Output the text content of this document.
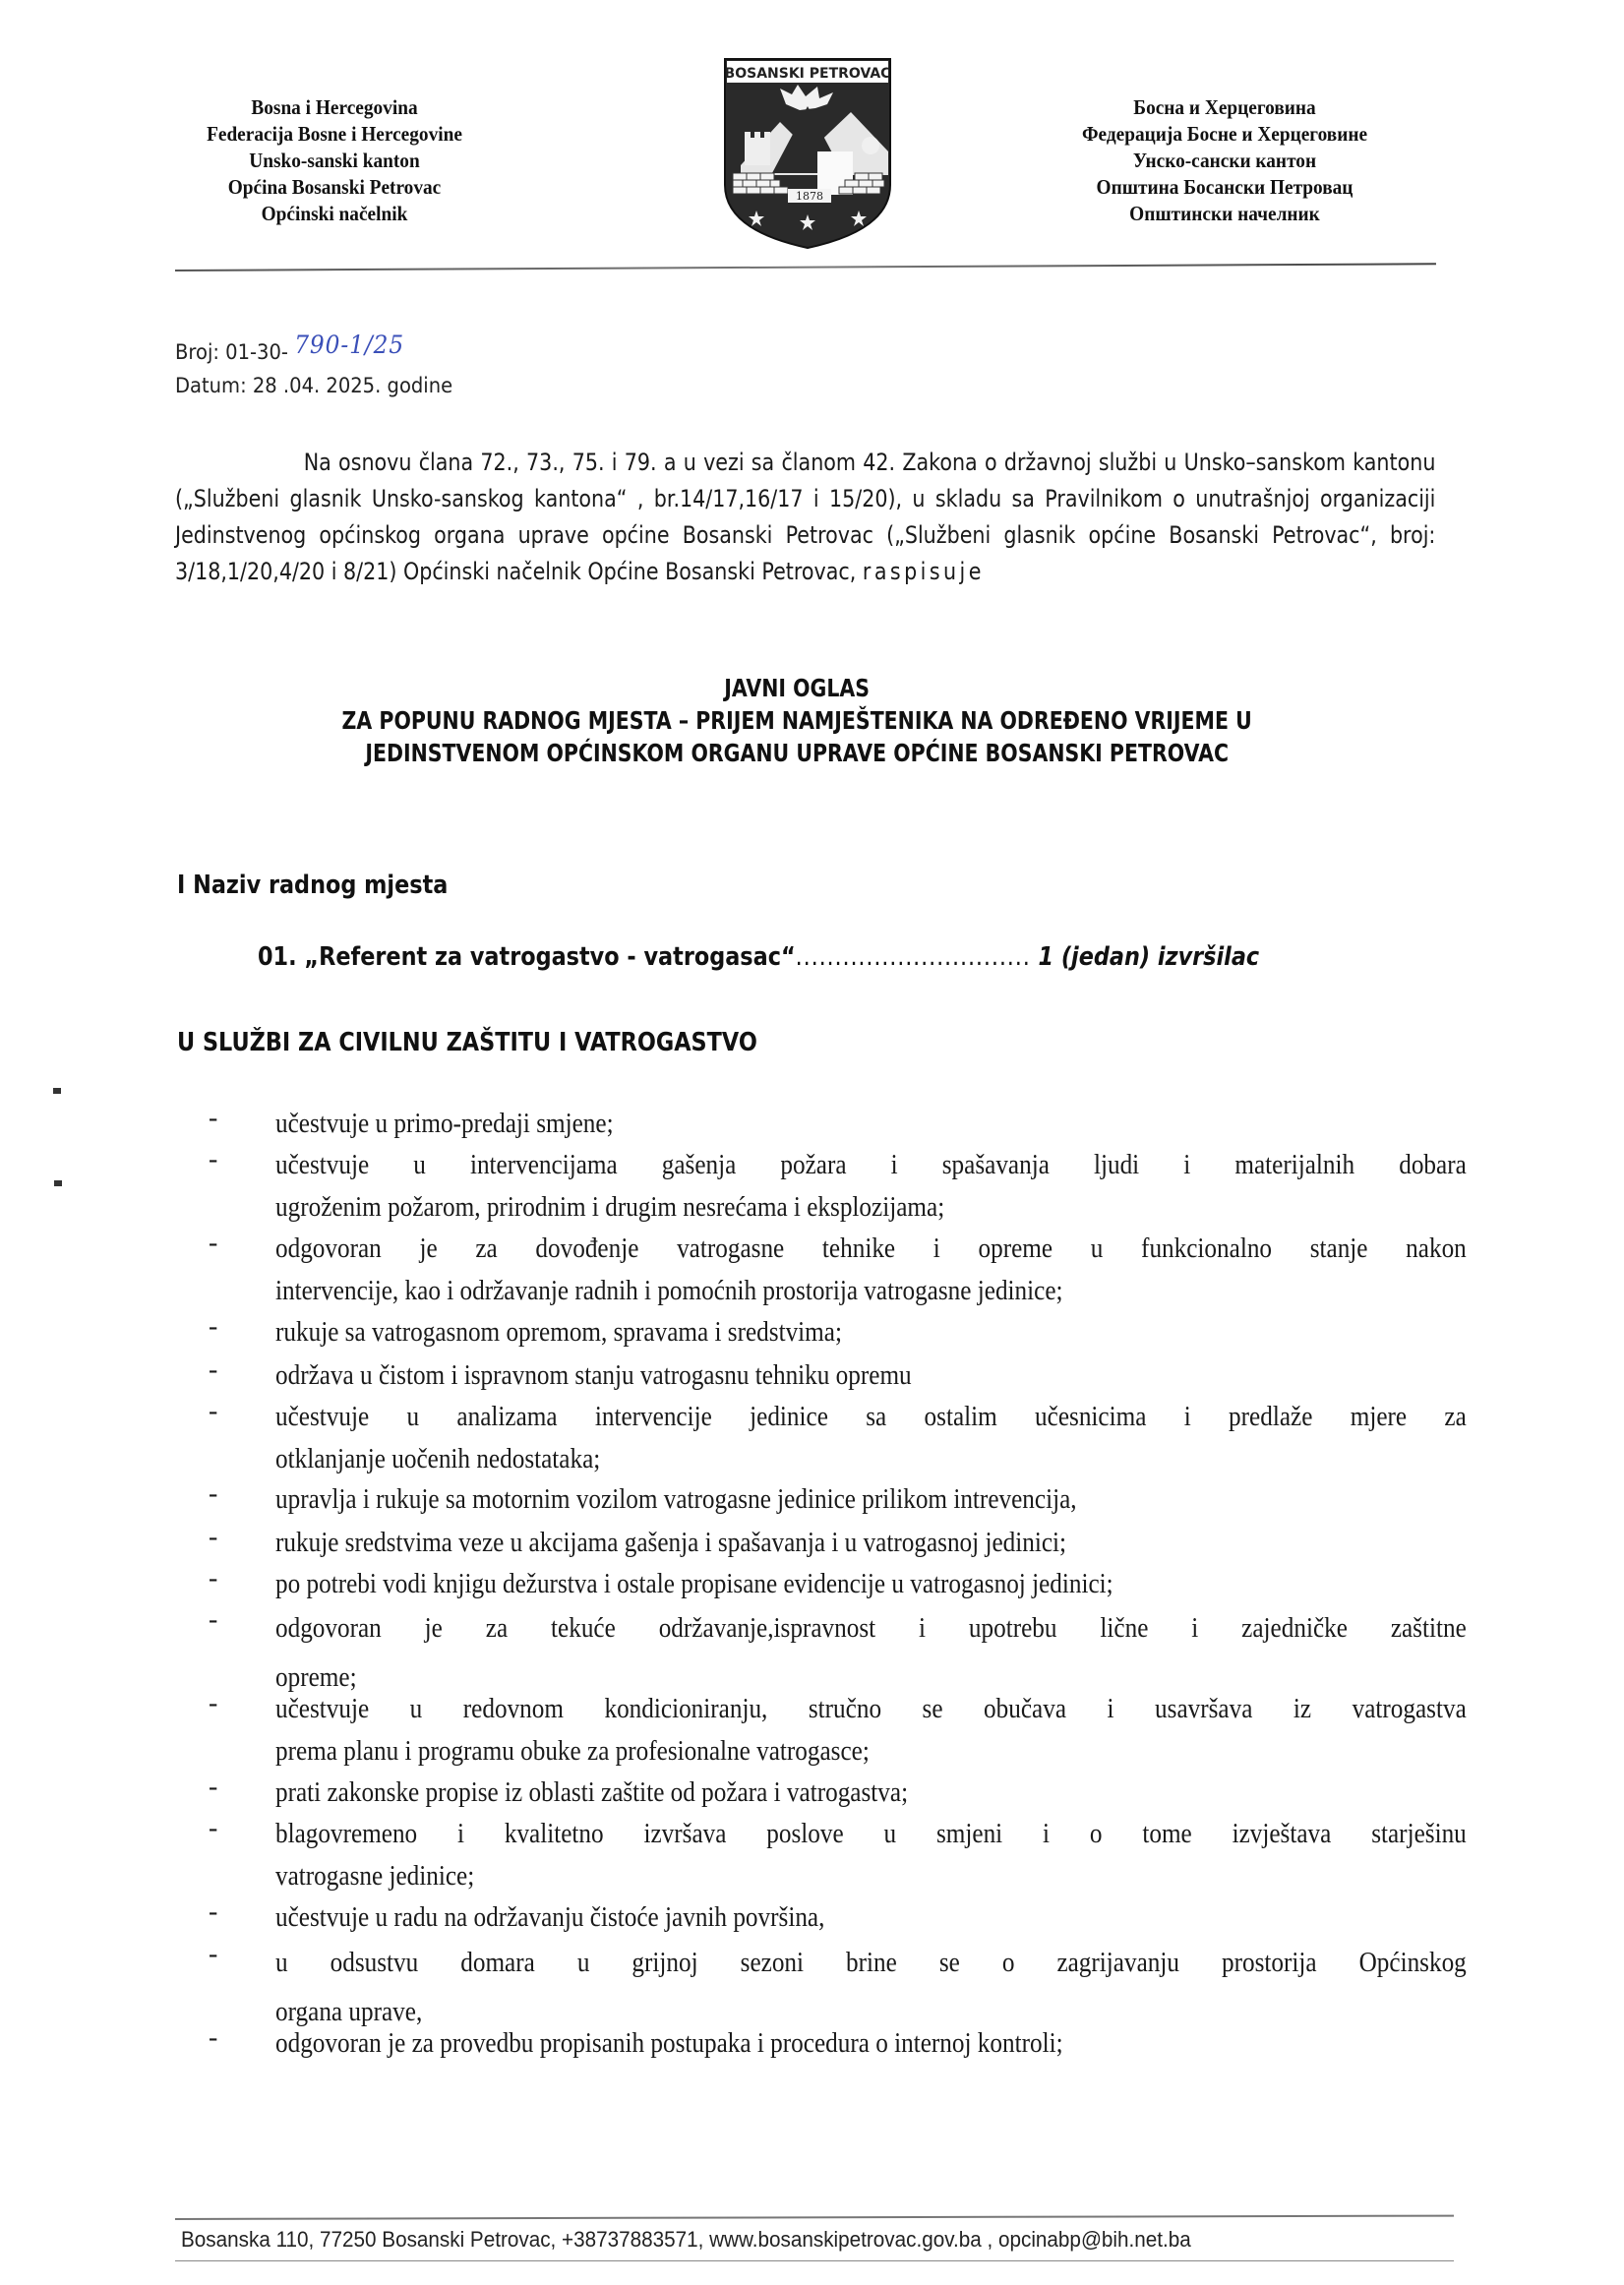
Bosna i Hercegovina
Federacija Bosne i Hercegovine
Unsko-sanski kanton
Općina Bosanski Petrovac
Općinski načelnik
BOSANSKI PETROVAC
1878
Босна и Херцеговина
Федерација Босне и Херцеговине
Унско-сански кантон
Општина Босански Петровац
Општински начелник
Broj: 01-30- 790-1/25
Datum: 28 .04. 2025. godine

Na osnovu člana 72., 73., 75. i 79. a u vezi sa članom 42. Zakona o državnoj službi u Unsko–sanskom kantonu („Službeni glasnik Unsko-sanskog kantona“ , br.14/17,16/17 i 15/20), u skladu sa Pravilnikom o unutrašnjoj organizaciji Jedinstvenog općinskog organa uprave općine Bosanski Petrovac („Službeni glasnik općine Bosanski Petrovac“, broj: 3/18,1/20,4/20 i 8/21) Općinski načelnik Općine Bosanski Petrovac, raspisuje

JAVNI OGLAS
ZA POPUNU RADNOG MJESTA – PRIJEM NAMJEŠTENIKA NA ODREĐENO VRIJEME U
JEDINSTVENOM OPĆINSKOM ORGANU UPRAVE OPĆINE BOSANSKI PETROVAC
I Naziv radnog mjesta
01. „Referent za vatrogastvo - vatrogasac“.............................. 1 (jedan) izvršilac
U SLUŽBI ZA CIVILNU ZAŠTITU I VATROGASTVO
- učestvuje u primo-predaji smjene;
- učestvuje u intervencijama gašenja požara i spašavanja ljudi i materijalnih dobara
ugroženim požarom, prirodnim i drugim nesrećama i eksplozijama;
- odgovoran je za dovođenje vatrogasne tehnike i opreme u funkcionalno stanje nakon
intervencije, kao i održavanje radnih i pomoćnih prostorija vatrogasne jedinice;
- rukuje sa vatrogasnom opremom, spravama i sredstvima;
- održava u čistom i ispravnom stanju vatrogasnu tehniku opremu
- učestvuje u analizama intervencije jedinice sa ostalim učesnicima i predlaže mjere za
otklanjanje uočenih nedostataka;
- upravlja i rukuje sa motornim vozilom vatrogasne jedinice prilikom intrevencija,
- rukuje sredstvima veze u akcijama gašenja i spašavanja i u vatrogasnoj jedinici;
- po potrebi vodi knjigu dežurstva i ostale propisane evidencije u vatrogasnoj jedinici;
- odgovoran je za tekuće održavanje,ispravnost i upotrebu lične i zajedničke zaštitne
opreme;
- učestvuje u redovnom kondicioniranju, stručno se obučava i usavršava iz vatrogastva
prema planu i programu obuke za profesionalne vatrogasce;
- prati zakonske propise iz oblasti zaštite od požara i vatrogastva;
- blagovremeno i kvalitetno izvršava poslove u smjeni i o tome izvještava starješinu
vatrogasne jedinice;
- učestvuje u radu na održavanju čistoće javnih površina,
- u odsustvu domara u grijnoj sezoni brine se o zagrijavanju prostorija Općinskog
organa uprave,
- odgovoran je za provedbu propisanih postupaka i procedura o internoj kontroli;
Bosanska 110, 77250 Bosanski Petrovac, +38737883571, www.bosanskipetrovac.gov.ba , opcinabp@bih.net.ba
